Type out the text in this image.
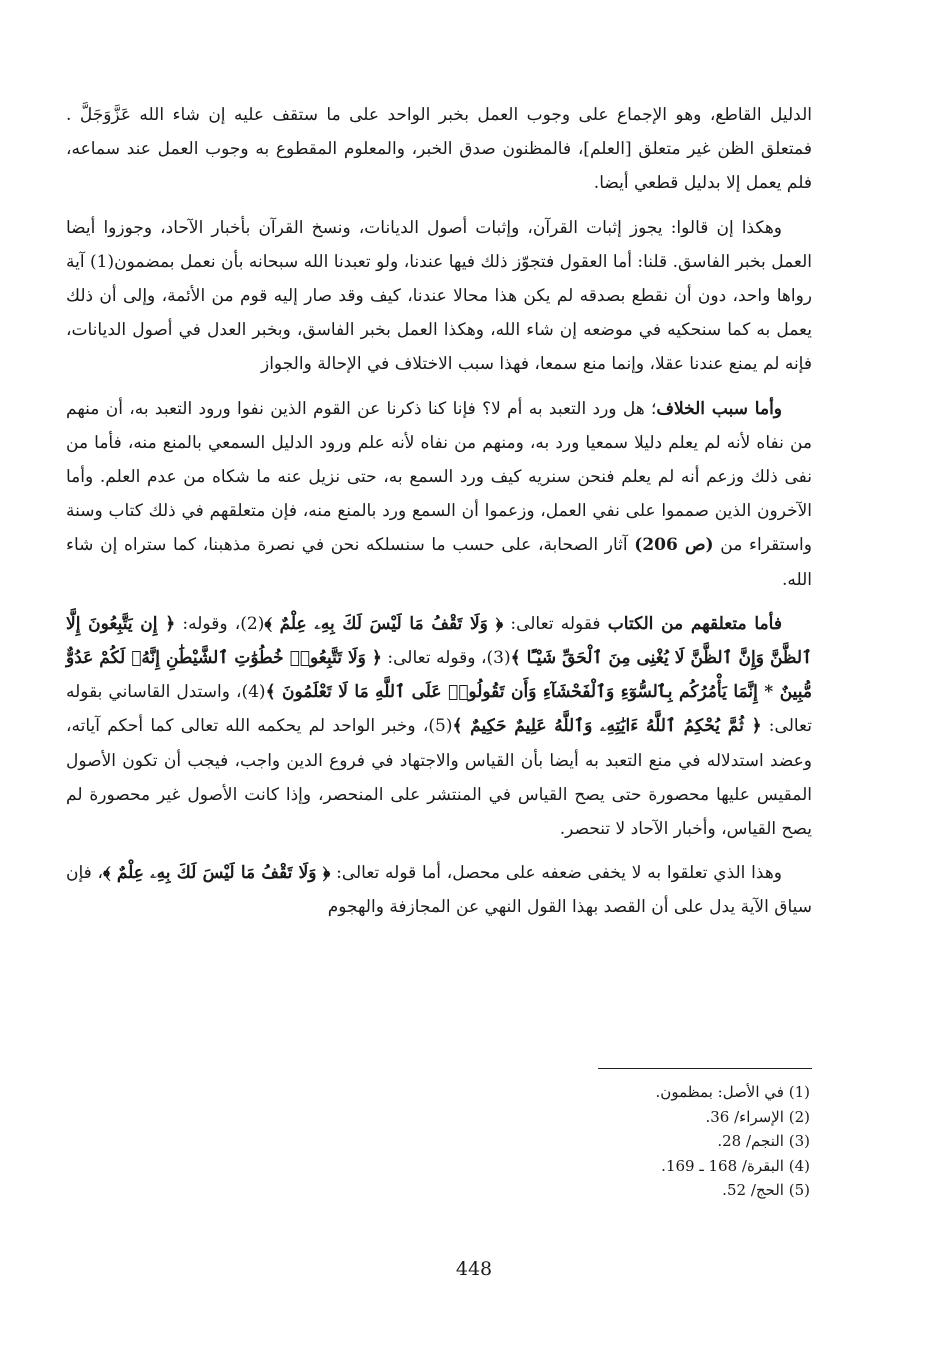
الدليل القاطع، وهو الإجماع على وجوب العمل بخبر الواحد على ما ستقف عليه إن شاء الله عَزَّوَجَلَّ . فمتعلق الظن غير متعلق [العلم]، فالمظنون صدق الخبر، والمعلوم المقطوع به وجوب العمل عند سماعه، فلم يعمل إلا بدليل قطعي أيضا.

وهكذا إن قالوا: يجوز إثبات القرآن، وإثبات أصول الديانات، ونسخ القرآن بأخبار الآحاد، وجوزوا أيضا العمل بخبر الفاسق. قلنا: أما العقول فتجوّز ذلك فيها عندنا، ولو تعبدنا الله سبحانه بأن نعمل بمضمون(1) آية رواها واحد، دون أن نقطع بصدقه لم يكن هذا محالا عندنا، كيف وقد صار إليه قوم من الأئمة، وإلى أن ذلك يعمل به كما سنحكيه في موضعه إن شاء الله، وهكذا العمل بخبر الفاسق، وبخبر العدل في أصول الديانات، فإنه لم يمنع عندنا عقلا، وإنما منع سمعا، فهذا سبب الاختلاف في الإحالة والجواز

وأما سبب الخلاف؛ هل ورد التعبد به أم لا؟ فإنا كنا ذكرنا عن القوم الذين نفوا ورود التعبد به، أن منهم من نفاه لأنه لم يعلم دليلا سمعيا ورد به، ومنهم من نفاه لأنه علم ورود الدليل السمعي بالمنع منه، فأما من نفى ذلك وزعم أنه لم يعلم فنحن سنريه كيف ورد السمع به، حتى نزيل عنه ما شكاه من عدم العلم. وأما الآخرون الذين صمموا على نفي العمل، وزعموا أن السمع ورد بالمنع منه، فإن متعلقهم في ذلك كتاب وسنة واستقراء من (ص 206) آثار الصحابة، على حسب ما سنسلكه نحن في نصرة مذهبنا، كما ستراه إن شاء الله.

فأما متعلقهم من الكتاب فقوله تعالى: ﴿ وَلَا تَقْفُ مَا لَيْسَ لَكَ بِهِۦ عِلْمٌ ﴾(2)، وقوله: ﴿ إِن يَتَّبِعُونَ إِلَّا ٱلظَّنَّ وَإِنَّ ٱلظَّنَّ لَا يُغْنِى مِنَ ٱلْحَقِّ شَيْـًٔا ﴾(3)، وقوله تعالى: ﴿ وَلَا تَتَّبِعُوا۟ خُطُوَٰتِ ٱلشَّيْطَٰنِ إِنَّهُۥ لَكُمْ عَدُوٌّ مُّبِينٌ * إِنَّمَا يَأْمُرُكُم بِٱلسُّوٓءِ وَٱلْفَحْشَآءِ وَأَن تَقُولُوا۟ عَلَى ٱللَّهِ مَا لَا تَعْلَمُونَ ﴾(4)، واستدل القاساني بقوله تعالى: ﴿ ثُمَّ يُحْكِمُ ٱللَّهُ ءَايَٰتِهِۦ وَٱللَّهُ عَلِيمٌ حَكِيمٌ ﴾(5)، وخبر الواحد لم يحكمه الله تعالى كما أحكم آياته، وعضد استدلاله في منع التعبد به أيضا بأن القياس والاجتهاد في فروع الدين واجب، فيجب أن تكون الأصول المقيس عليها محصورة حتى يصح القياس في المنتشر على المنحصر، وإذا كانت الأصول غير محصورة لم يصح القياس، وأخبار الآحاد لا تنحصر.

وهذا الذي تعلقوا به لا يخفى ضعفه على محصل، أما قوله تعالى: ﴿ وَلَا تَقْفُ مَا لَيْسَ لَكَ بِهِۦ عِلْمٌ ﴾، فإن سياق الآية يدل على أن القصد بهذا القول النهي عن المجازفة والهجوم

(1) في الأصل: بمظمون.
(2) الإسراء/ 36.
(3) النجم/ 28.
(4) البقرة/ 168 ـ 169.
(5) الحج/ 52.
448
